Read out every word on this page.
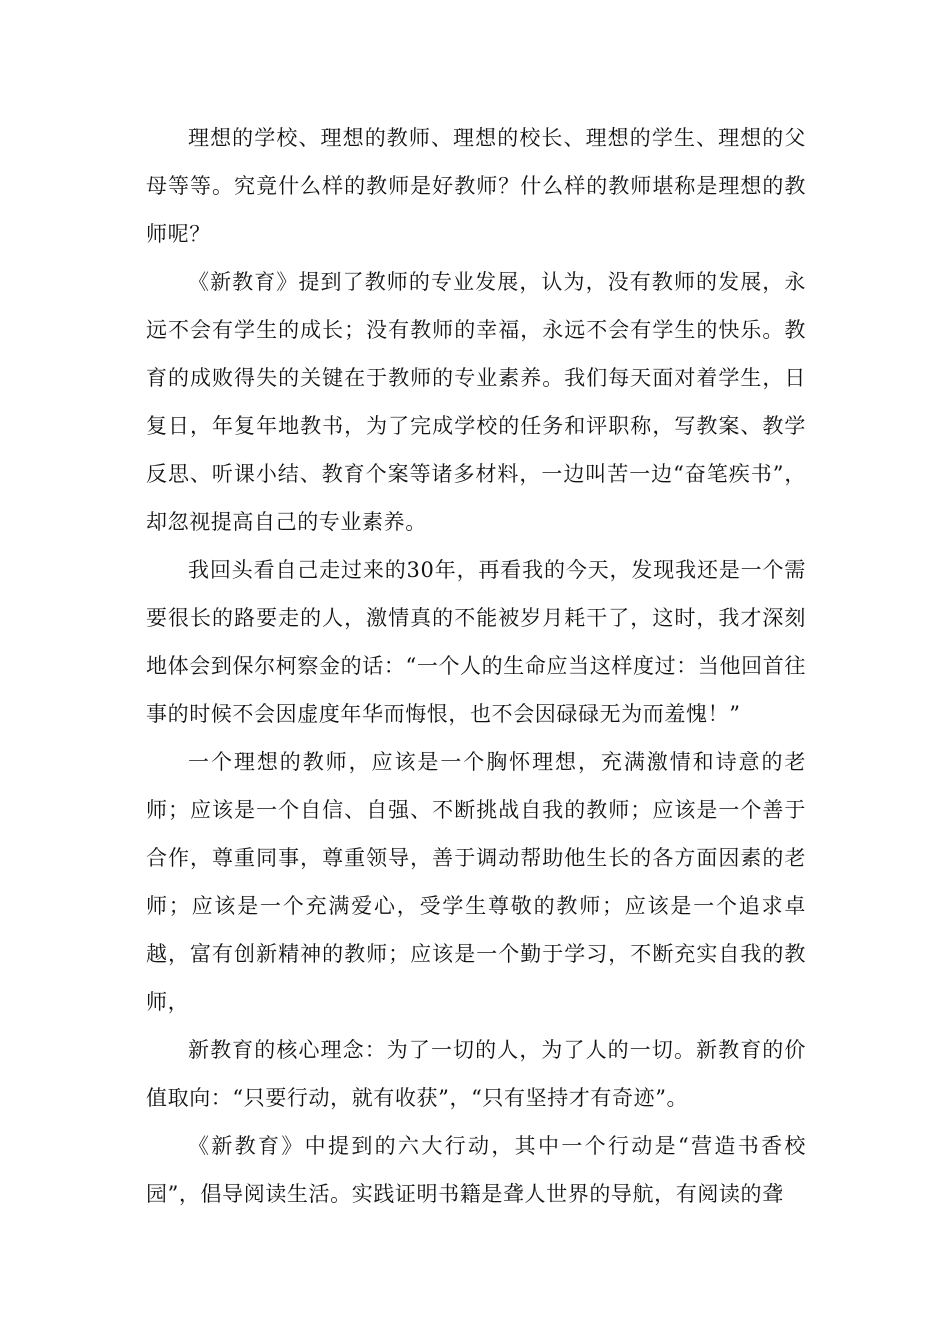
理想的学校、理想的教师、理想的校长、理想的学生、理想的父母等等。究竟什么样的教师是好教师？什么样的教师堪称是理想的教师呢？

《新教育》提到了教师的专业发展，认为，没有教师的发展，永远不会有学生的成长；没有教师的幸福，永远不会有学生的快乐。教育的成败得失的关键在于教师的专业素养。我们每天面对着学生，日复日，年复年地教书，为了完成学校的任务和评职称，写教案、教学反思、听课小结、教育个案等诸多材料，一边叫苦一边“奋笔疾书”，却忽视提高自己的专业素养。

我回头看自己走过来的30年，再看我的今天，发现我还是一个需要很长的路要走的人，激情真的不能被岁月耗干了，这时，我才深刻地体会到保尔柯察金的话：“一个人的生命应当这样度过：当他回首往事的时候不会因虚度年华而悔恨，也不会因碌碌无为而羞愧！”

一个理想的教师，应该是一个胸怀理想，充满激情和诗意的老师；应该是一个自信、自强、不断挑战自我的教师；应该是一个善于合作，尊重同事，尊重领导，善于调动帮助他生长的各方面因素的老师；应该是一个充满爱心，受学生尊敬的教师；应该是一个追求卓越，富有创新精神的教师；应该是一个勤于学习，不断充实自我的教师，

新教育的核心理念：为了一切的人，为了人的一切。新教育的价值取向：“只要行动，就有收获”，“只有坚持才有奇迹”。

《新教育》中提到的六大行动，其中一个行动是“营造书香校园”，倡导阅读生活。实践证明书籍是聋人世界的导航，有阅读的聋
